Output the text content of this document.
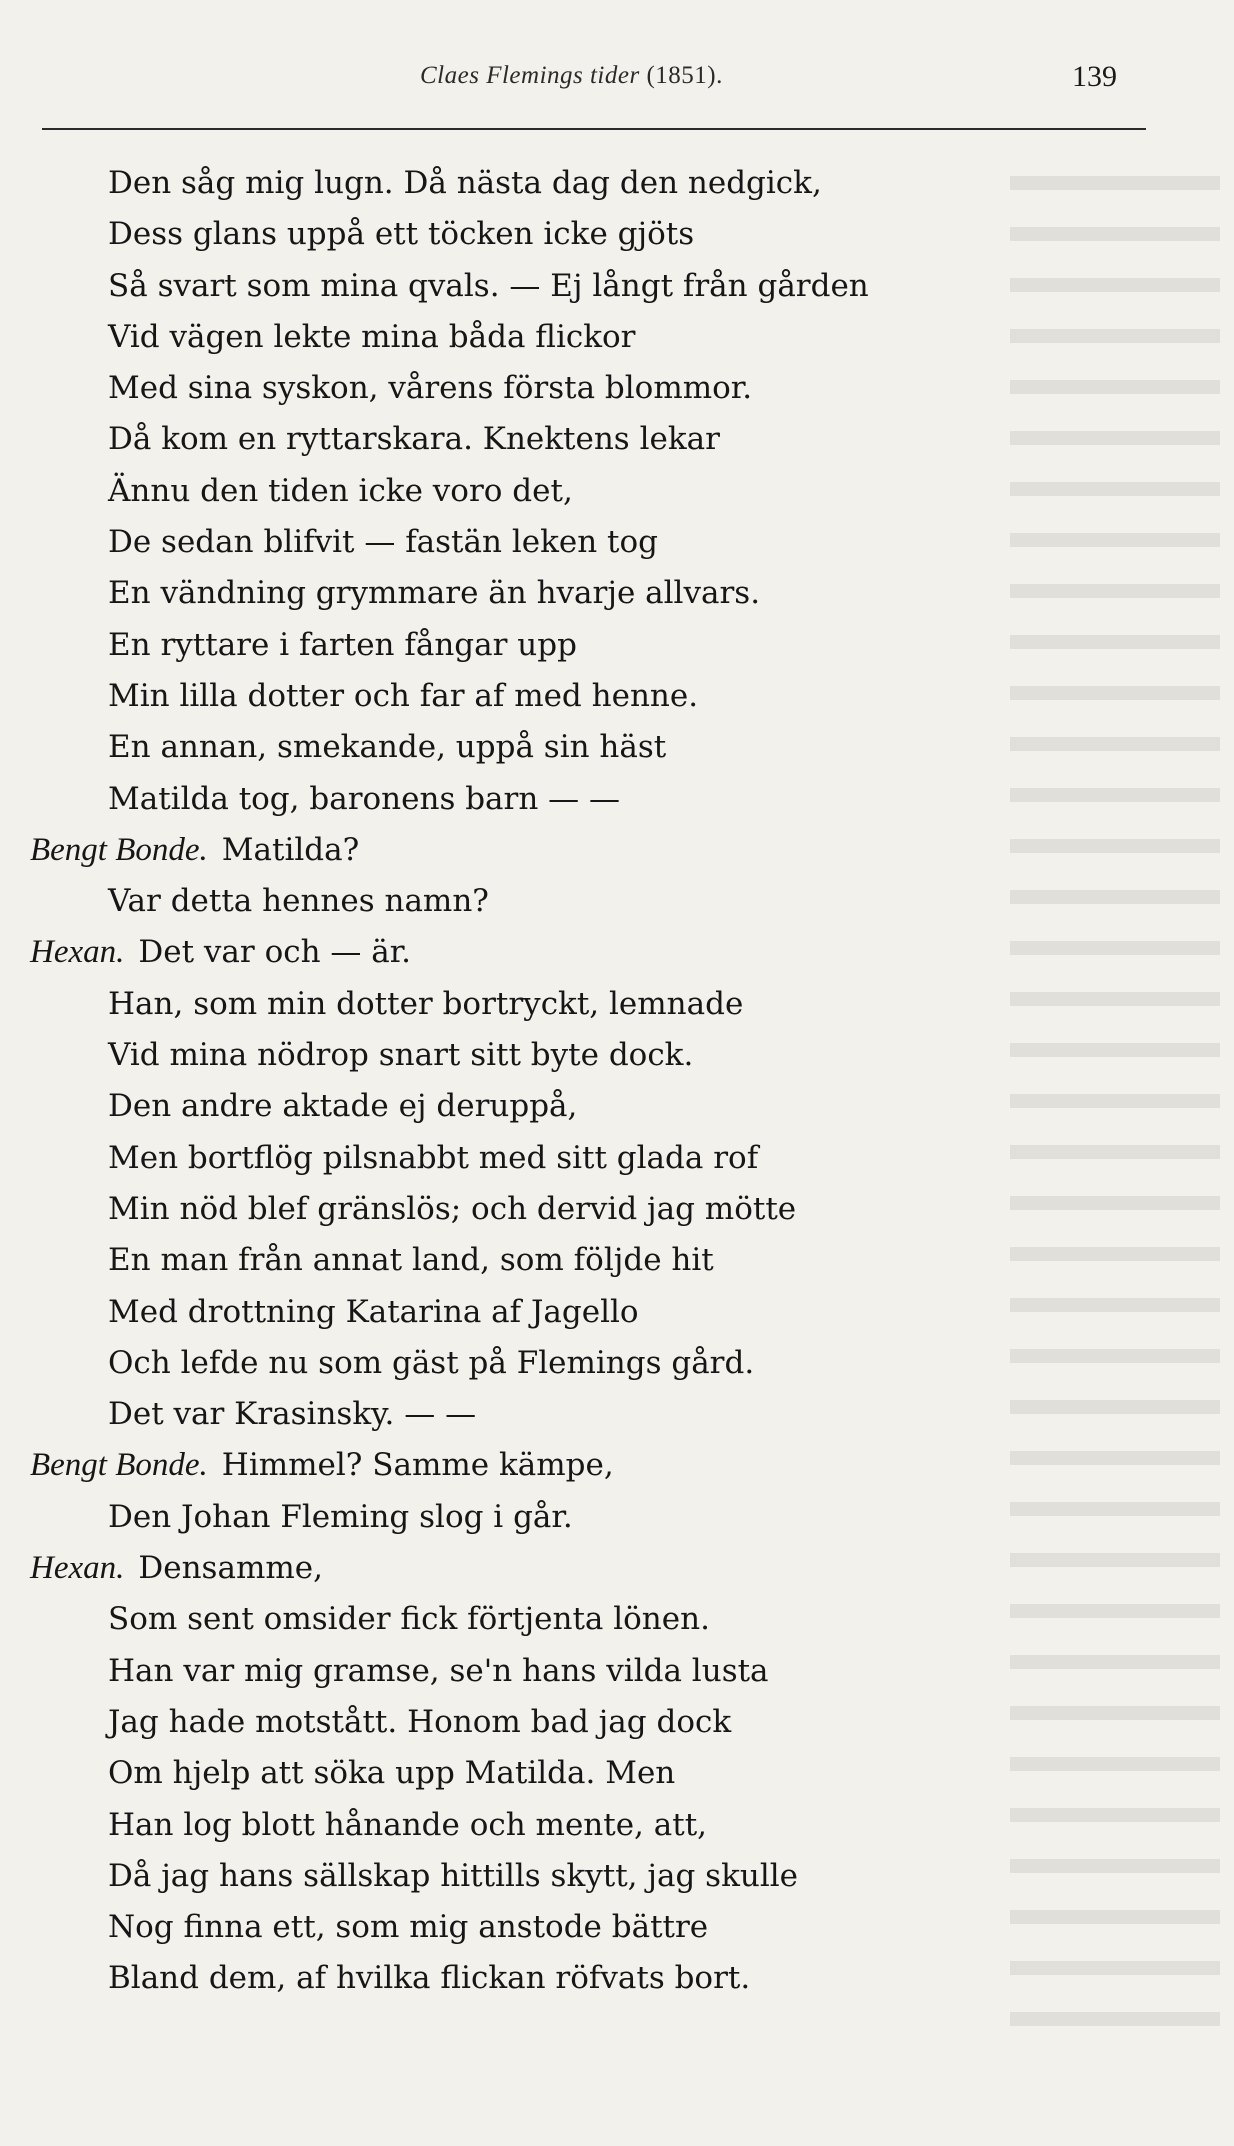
Claes Flemings tider (1851).	139
Den såg mig lugn. Då nästa dag den nedgick,
Dess glans uppå ett töcken icke gjöts
Så svart som mina qvals. — Ej långt från gården
Vid vägen lekte mina båda flickor
Med sina syskon, vårens första blommor.
Då kom en ryttarskara. Knektens lekar
Ännu den tiden icke voro det,
De sedan blifvit — fastän leken tog
En vändning grymmare än hvarje allvars.
En ryttare i farten fångar upp
Min lilla dotter och far af med henne.
En annan, smekande, uppå sin häst
Matilda tog, baronens barn — —
Bengt Bonde. Matilda?
Var detta hennes namn?
Hexan. Det var och — är.
Han, som min dotter bortryckt, lemnade
Vid mina nödrop snart sitt byte dock.
Den andre aktade ej deruppå,
Men bortflög pilsnabbt med sitt glada rof
Min nöd blef gränslös; och dervid jag mötte
En man från annat land, som följde hit
Med drottning Katarina af Jagello
Och lefde nu som gäst på Flemings gård.
Det var Krasinsky. — —
Bengt Bonde. Himmel? Samme kämpe,
Den Johan Fleming slog i går.
Hexan. Densamme,
Som sent omsider fick förtjenta lönen.
Han var mig gramse, se'n hans vilda lusta
Jag hade motstått. Honom bad jag dock
Om hjelp att söka upp Matilda. Men
Han log blott hånande och mente, att,
Då jag hans sällskap hittills skytt, jag skulle
Nog finna ett, som mig anstode bättre
Bland dem, af hvilka flickan röfvats bort.
